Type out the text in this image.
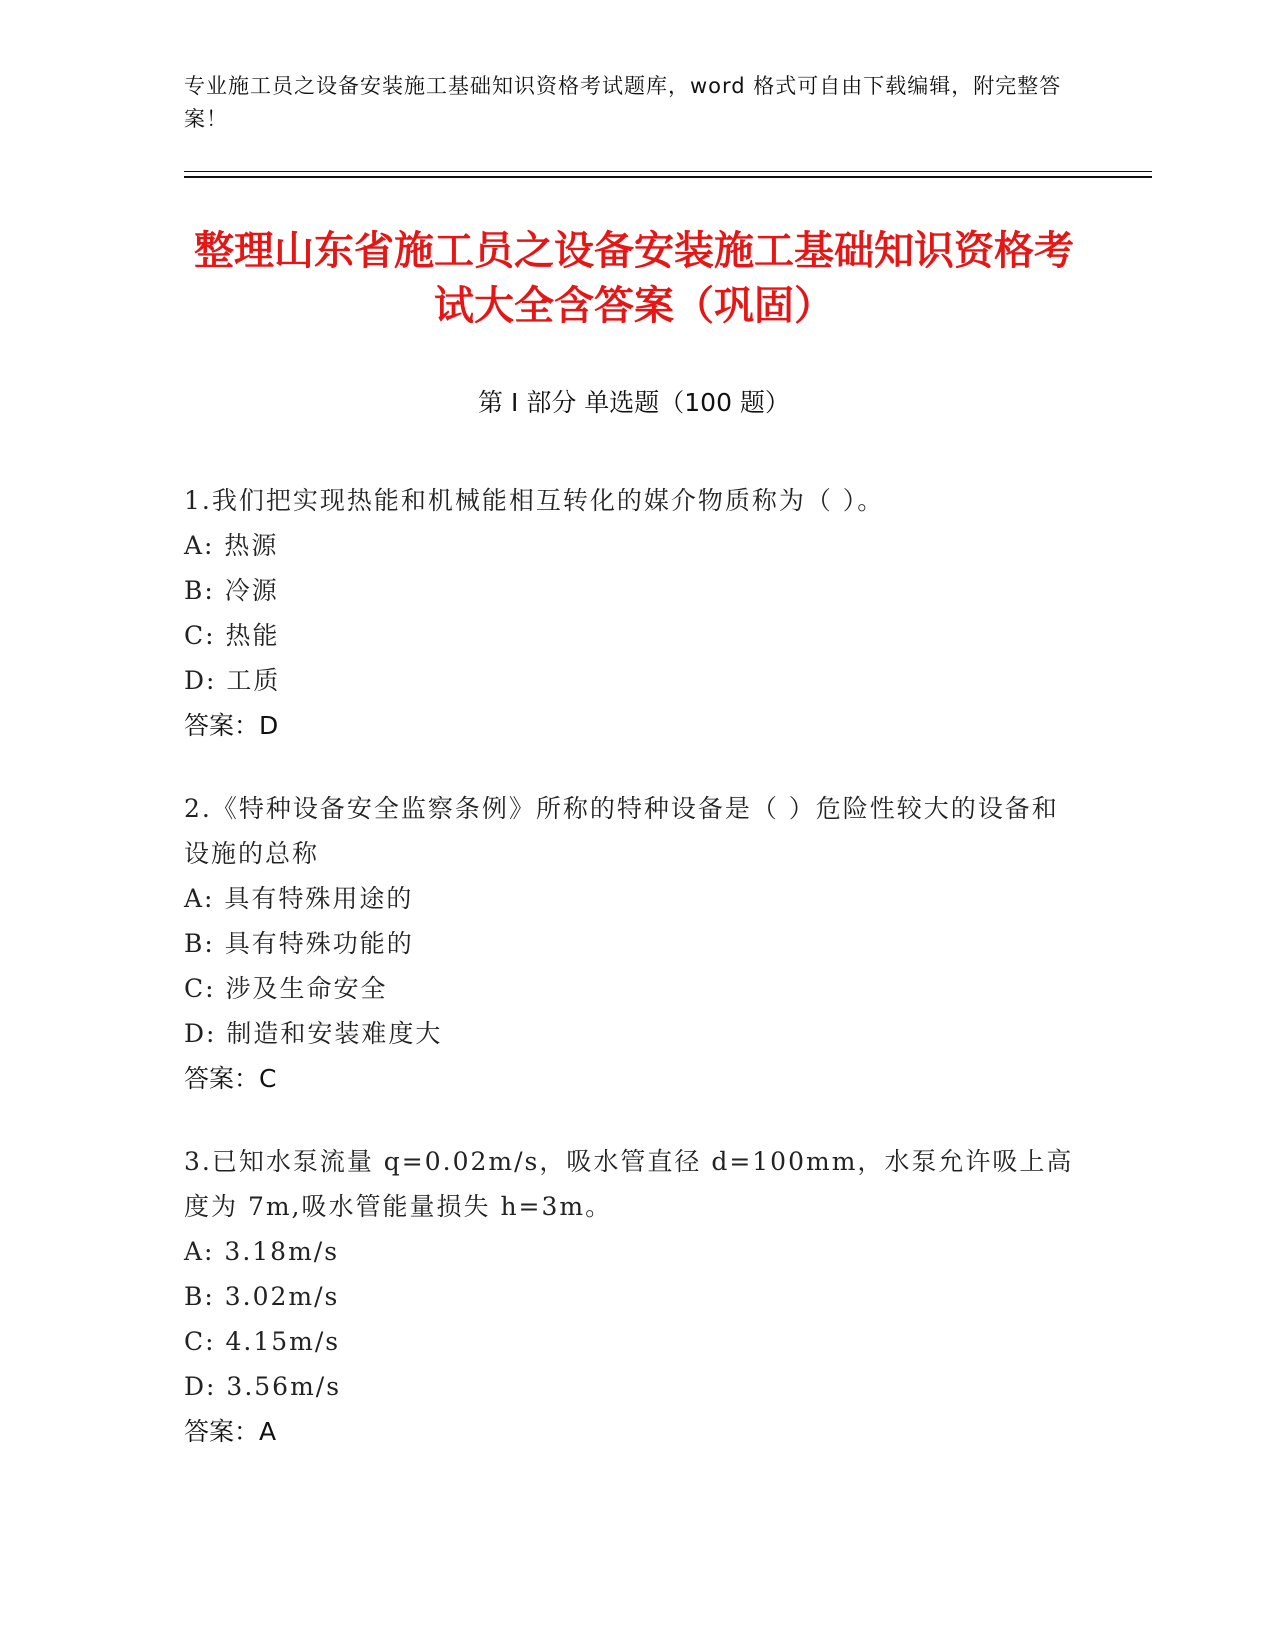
专业施工员之设备安装施工基础知识资格考试题库，word 格式可自由下载编辑，附完整答案！
整理山东省施工员之设备安装施工基础知识资格考试大全含答案（巩固）
第 I 部分 单选题（100 题）
1.我们把实现热能和机械能相互转化的媒介物质称为（ ）。
A: 热源
B: 冷源
C: 热能
D: 工质
答案：D
2.《特种设备安全监察条例》所称的特种设备是（ ）危险性较大的设备和设施的总称
A: 具有特殊用途的
B: 具有特殊功能的
C: 涉及生命安全
D: 制造和安装难度大
答案：C
3.已知水泵流量 q=0.02m/s，吸水管直径 d=100mm，水泵允许吸上高度为 7m,吸水管能量损失 h=3m。
A: 3.18m/s
B: 3.02m/s
C: 4.15m/s
D: 3.56m/s
答案：A
